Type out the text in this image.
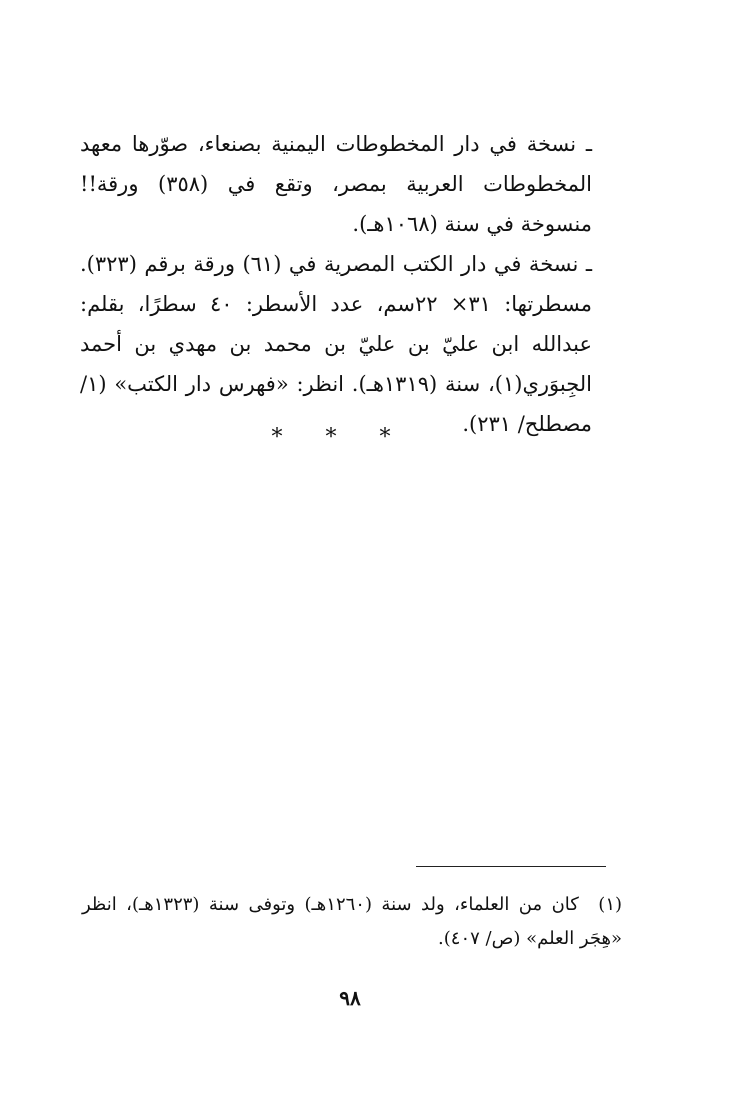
ـ نسخة في دار المخطوطات اليمنية بصنعاء، صوّرها معهد المخطوطات العربية بمصر، وتقع في (٣٥٨) ورقة!! منسوخة في سنة (١٠٦٨هـ).

ـ نسخة في دار الكتب المصرية في (٦١) ورقة برقم (٣٢٣). مسطرتها: ٣١× ٢٢سم، عدد الأسطر: ٤٠ سطرًا، بقلم: عبدالله ابن عليّ بن عليّ بن محمد بن مهدي بن أحمد الجِبوَري(١)، سنة (١٣١٩هـ). انظر: «فهرس دار الكتب» (١/ مصطلح/ ٢٣١).

* * *
(١) كان من العلماء، ولد سنة (١٢٦٠هـ) وتوفى سنة (١٣٢٣هـ)، انظر «هِجَر العلم» (ص/ ٤٠٧).
٩٨
